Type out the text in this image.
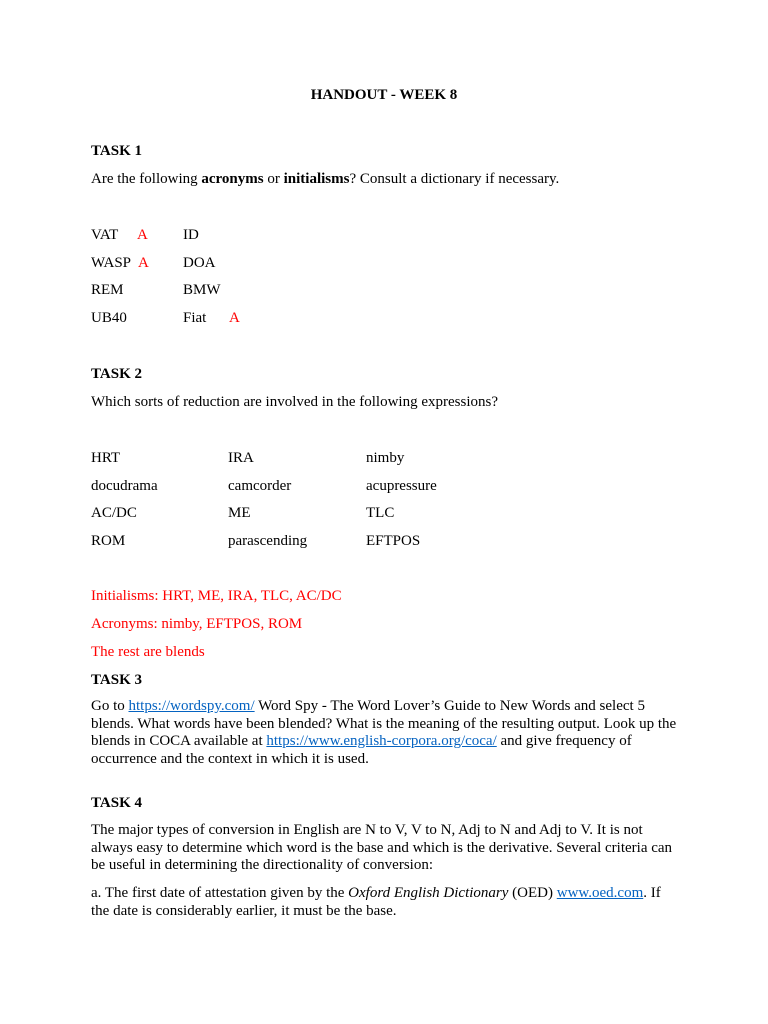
HANDOUT - WEEK 8
TASK 1
Are the following acronyms or initialisms? Consult a dictionary if necessary.
VAT A ID
WASP A DOA
REM	BMW
UB40	Fiat A
TASK 2
Which sorts of reduction are involved in the following expressions?
HRT	IRA	nimby
docudrama	camcorder	acupressure
AC/DC	ME	TLC
ROM	parascending	EFTPOS
Initialisms: HRT, ME, IRA, TLC, AC/DC
Acronyms: nimby, EFTPOS, ROM
The rest are blends
TASK 3
Go to https://wordspy.com/ Word Spy - The Word Lover’s Guide to New Words and select 5 blends. What words have been blended? What is the meaning of the resulting output. Look up the blends in COCA available at https://www.english-corpora.org/coca/ and give frequency of occurrence and the context in which it is used.
TASK 4
The major types of conversion in English are N to V, V to N, Adj to N and Adj to V. It is not always easy to determine which word is the base and which is the derivative. Several criteria can be useful in determining the directionality of conversion:
a. The first date of attestation given by the Oxford English Dictionary (OED) www.oed.com. If the date is considerably earlier, it must be the base.
